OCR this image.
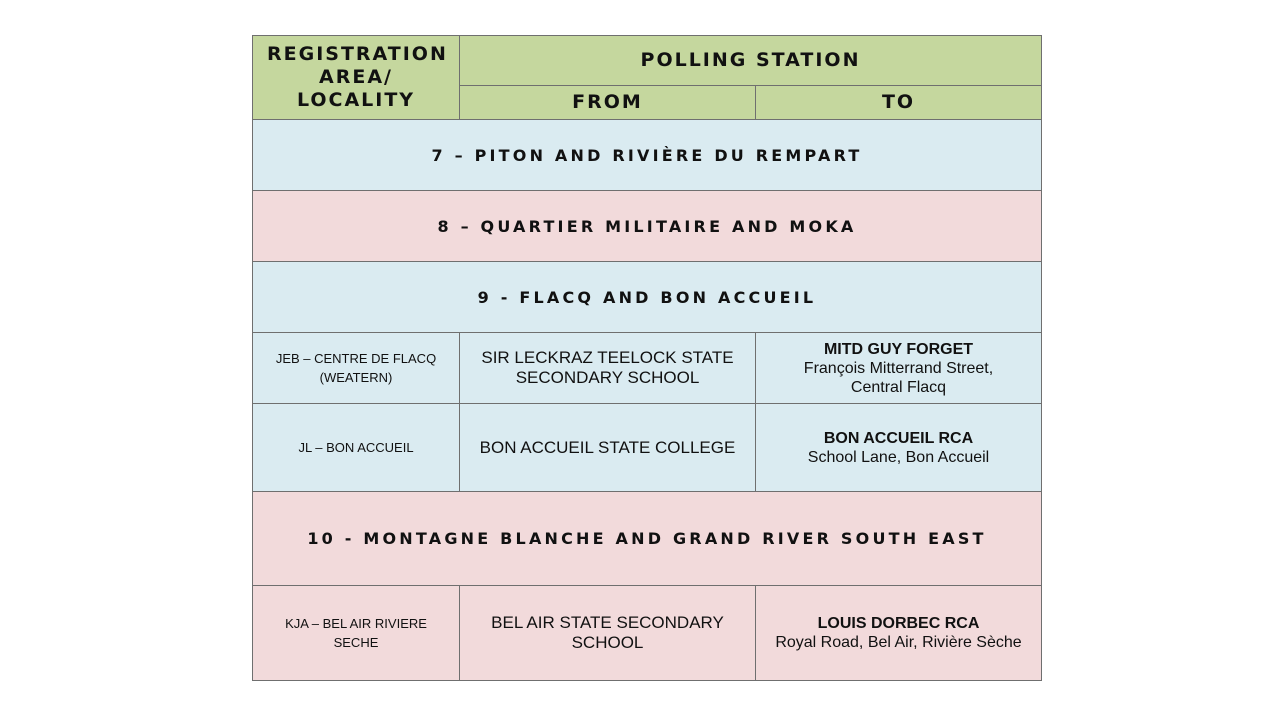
REGISTRATION AREA/ LOCALITY	POLLING STATION	

	FROM	TO

7 – PITON AND RIVIÈRE DU REMPART		
8 – QUARTIER MILITAIRE AND MOKA		
9 - FLACQ AND BON ACCUEIL		
JEB – CENTRE DE FLACQ (WEATERN)	SIR LECKRAZ TEELOCK STATE SECONDARY SCHOOL	MITD GUY FORGET
François Mitterrand Street, Central Flacq

JL – BON ACCUEIL	BON ACCUEIL STATE COLLEGE	BON ACCUEIL RCA
School Lane, Bon Accueil

10 - MONTAGNE BLANCHE AND GRAND RIVER SOUTH EAST		
KJA – BEL AIR RIVIERE SECHE	BEL AIR STATE SECONDARY SCHOOL	LOUIS DORBEC RCA
Royal Road, Bel Air, Rivière Sèche
